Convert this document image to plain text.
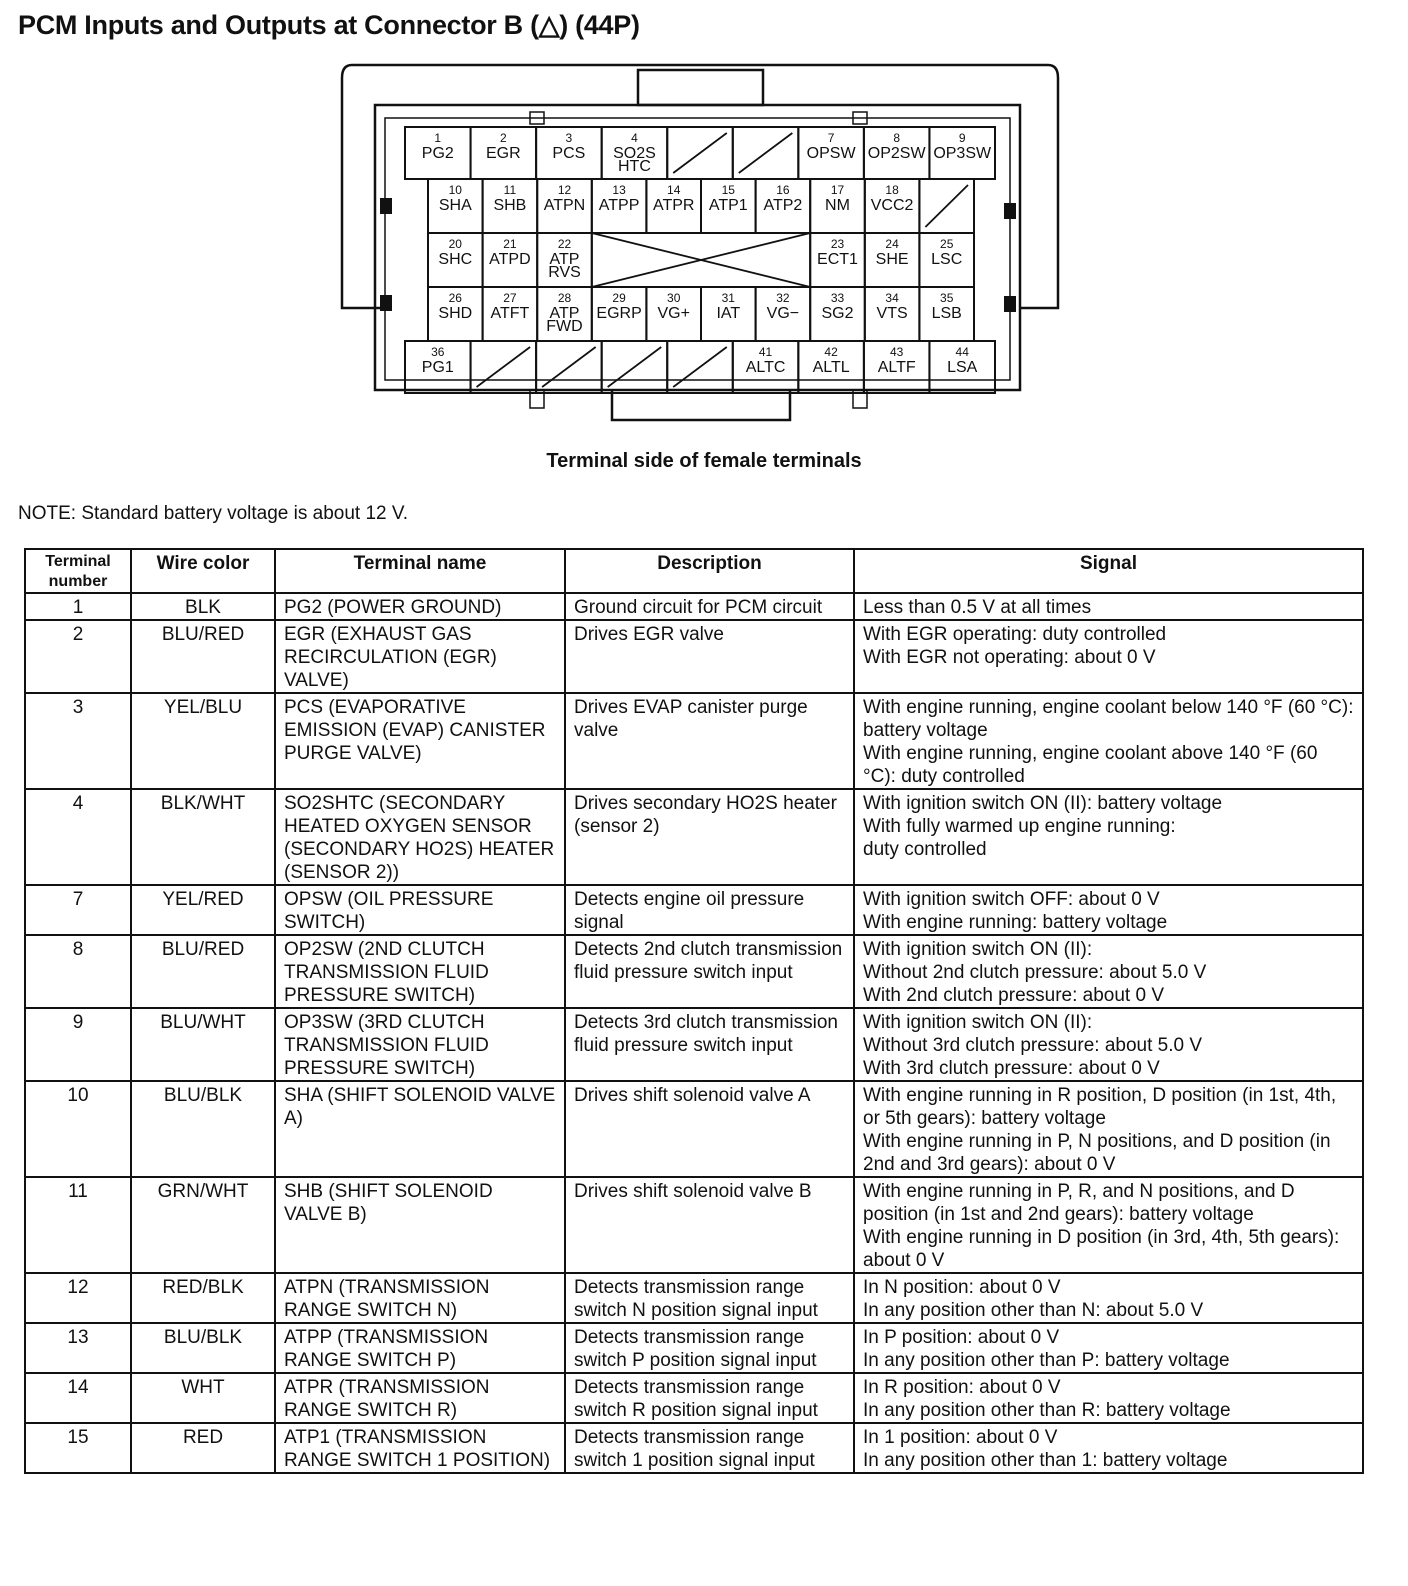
PCM Inputs and Outputs at Connector B (△) (44P)
1
PG2
2
EGR
3
PCS
4
SO2S
HTC
7
OPSW
8
OP2SW
9
OP3SW
10
SHA
11
SHB
12
ATPN
13
ATPP
14
ATPR
15
ATP1
16
ATP2
17
NM
18
VCC2
20
SHC
21
ATPD
22
ATP
RVS
23
ECT1
24
SHE
25
LSC
26
SHD
27
ATFT
28
ATP
FWD
29
EGRP
30
VG+
31
IAT
32
VG−
33
SG2
34
VTS
35
LSB
36
PG1
41
ALTC
42
ALTL
43
ALTF
44
LSA
Terminal side of female terminals
NOTE: Standard battery voltage is about 12 V.
Terminal number	Wire color	Terminal name	Description	Signal
1	BLK	PG2 (POWER GROUND)	Ground circuit for PCM circuit	Less than 0.5 V at all times

2	BLU/RED	EGR (EXHAUST GAS RECIRCULATION (EGR) VALVE)	Drives EGR valve	With EGR operating: duty controlled
With EGR not operating: about 0 V

3	YEL/BLU	PCS (EVAPORATIVE EMISSION (EVAP) CANISTER PURGE VALVE)	Drives EVAP canister purge valve	With engine running, engine coolant below 140 °F (60 °C): battery voltage
With engine running, engine coolant above 140 °F (60 °C): duty controlled

4	BLK/WHT	SO2SHTC (SECONDARY HEATED OXYGEN SENSOR (SECONDARY HO2S) HEATER (SENSOR 2))	Drives secondary HO2S heater (sensor 2)	With ignition switch ON (II): battery voltage
With fully warmed up engine running:
duty controlled

7	YEL/RED	OPSW (OIL PRESSURE SWITCH)	Detects engine oil pressure signal	With ignition switch OFF: about 0 V
With engine running: battery voltage

8	BLU/RED	OP2SW (2ND CLUTCH TRANSMISSION FLUID PRESSURE SWITCH)	Detects 2nd clutch transmission fluid pressure switch input	With ignition switch ON (II):
Without 2nd clutch pressure: about 5.0 V
With 2nd clutch pressure: about 0 V

9	BLU/WHT	OP3SW (3RD CLUTCH TRANSMISSION FLUID PRESSURE SWITCH)	Detects 3rd clutch transmission fluid pressure switch input	With ignition switch ON (II):
Without 3rd clutch pressure: about 5.0 V
With 3rd clutch pressure: about 0 V

10	BLU/BLK	SHA (SHIFT SOLENOID VALVE A)	Drives shift solenoid valve A	With engine running in R position, D position (in 1st, 4th, or 5th gears): battery voltage
With engine running in P, N positions, and D position (in 2nd and 3rd gears): about 0 V

11	GRN/WHT	SHB (SHIFT SOLENOID VALVE B)	Drives shift solenoid valve B	With engine running in P, R, and N positions, and D position (in 1st and 2nd gears): battery voltage
With engine running in D position (in 3rd, 4th, 5th gears): about 0 V

12	RED/BLK	ATPN (TRANSMISSION RANGE SWITCH N)	Detects transmission range switch N position signal input	In N position: about 0 V
In any position other than N: about 5.0 V

13	BLU/BLK	ATPP (TRANSMISSION RANGE SWITCH P)	Detects transmission range switch P position signal input	In P position: about 0 V
In any position other than P: battery voltage

14	WHT	ATPR (TRANSMISSION RANGE SWITCH R)	Detects transmission range switch R position signal input	In R position: about 0 V
In any position other than R: battery voltage

15	RED	ATP1 (TRANSMISSION RANGE SWITCH 1 POSITION)	Detects transmission range switch 1 position signal input	In 1 position: about 0 V
In any position other than 1: battery voltage
